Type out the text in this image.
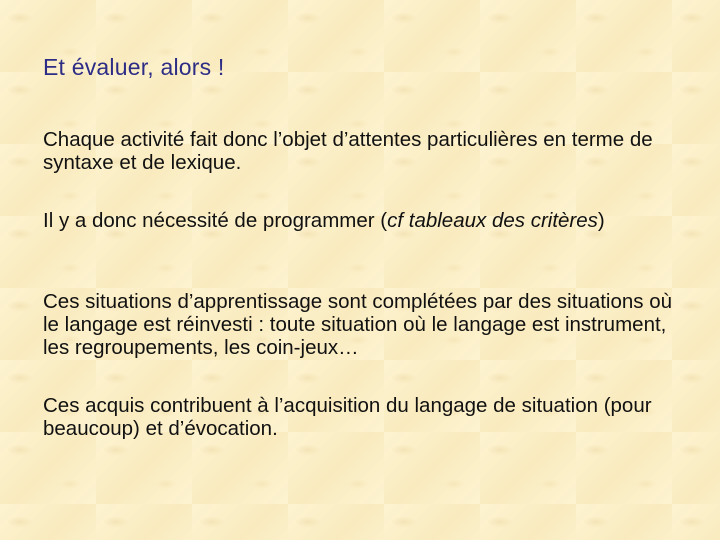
Et évaluer, alors !

Chaque activité fait donc l’objet d’attentes particulières en terme de syntaxe et de lexique.

Il y a donc nécessité de programmer (cf tableaux des critères)

Ces situations d’apprentissage sont complétées par des situations où le langage est réinvesti : toute situation où le langage est instrument, les regroupements, les coin-jeux…

Ces acquis contribuent à l’acquisition du langage de situation (pour beaucoup) et d’évocation.
